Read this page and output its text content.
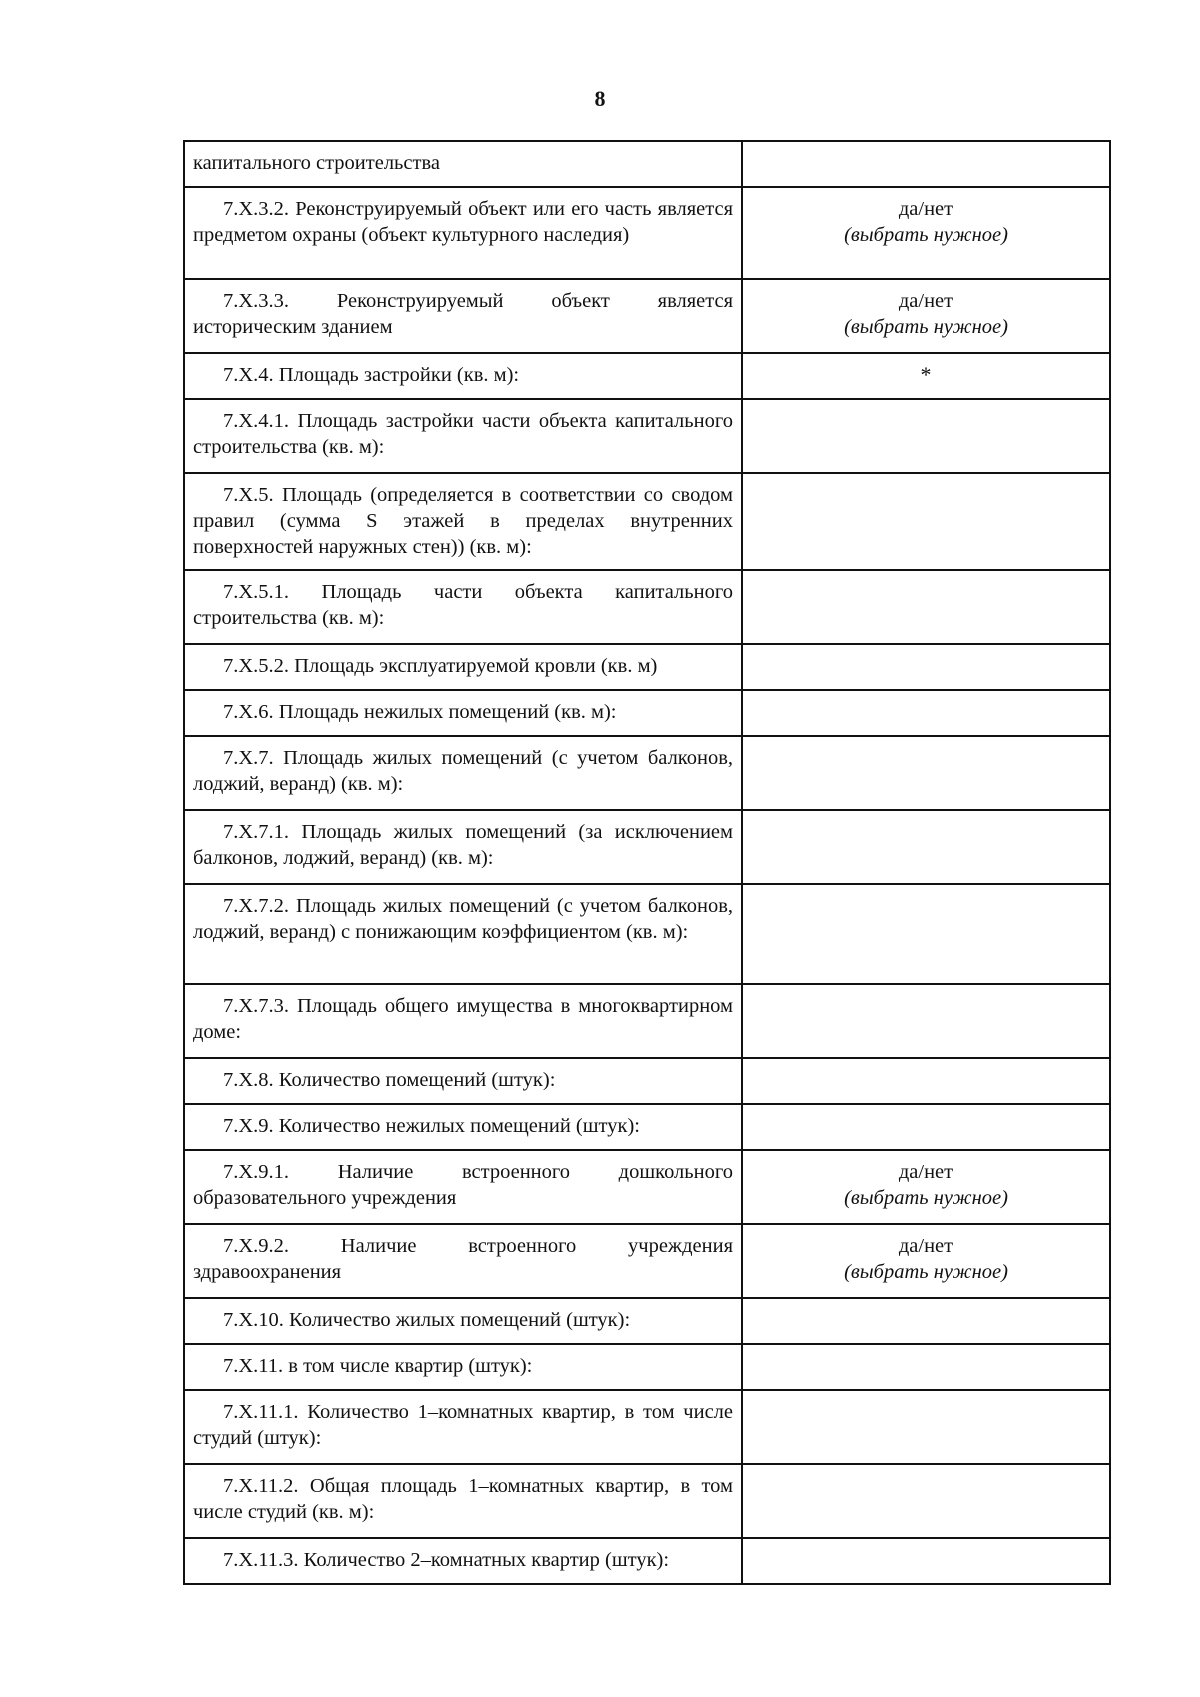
8
капитального строительства	

7.X.3.2. Реконструируемый объект или его часть является предметом охраны (объект культурного наследия)	да/нет
(выбрать нужное)

7.X.3.3. Реконструируемый объект является историческим зданием	да/нет
(выбрать нужное)

7.X.4. Площадь застройки (кв. м):	*

7.X.4.1. Площадь застройки части объекта капитального строительства (кв. м):	

7.X.5. Площадь (определяется в соответствии со сводом правил (сумма S этажей в пределах внутренних поверхностей наружных стен)) (кв. м):	

7.X.5.1. Площадь части объекта капитального строительства (кв. м):	

7.X.5.2. Площадь эксплуатируемой кровли (кв. м)	

7.X.6. Площадь нежилых помещений (кв. м):	

7.X.7. Площадь жилых помещений (с учетом балконов, лоджий, веранд) (кв. м):	

7.X.7.1. Площадь жилых помещений (за исключением балконов, лоджий, веранд) (кв. м):	

7.X.7.2. Площадь жилых помещений (с учетом балконов, лоджий, веранд) с понижающим коэффициентом (кв. м):	

7.X.7.3. Площадь общего имущества в многоквартирном доме:	

7.X.8. Количество помещений (штук):	

7.X.9. Количество нежилых помещений (штук):	

7.X.9.1. Наличие встроенного дошкольного образовательного учреждения	да/нет
(выбрать нужное)

7.X.9.2. Наличие встроенного учреждения здравоохранения	да/нет
(выбрать нужное)

7.X.10. Количество жилых помещений (штук):	

7.X.11. в том числе квартир (штук):	

7.X.11.1. Количество 1–комнатных квартир, в том числе студий (штук):	

7.X.11.2. Общая площадь 1–комнатных квартир, в том числе студий (кв. м):	

7.X.11.3. Количество 2–комнатных квартир (штук):	
